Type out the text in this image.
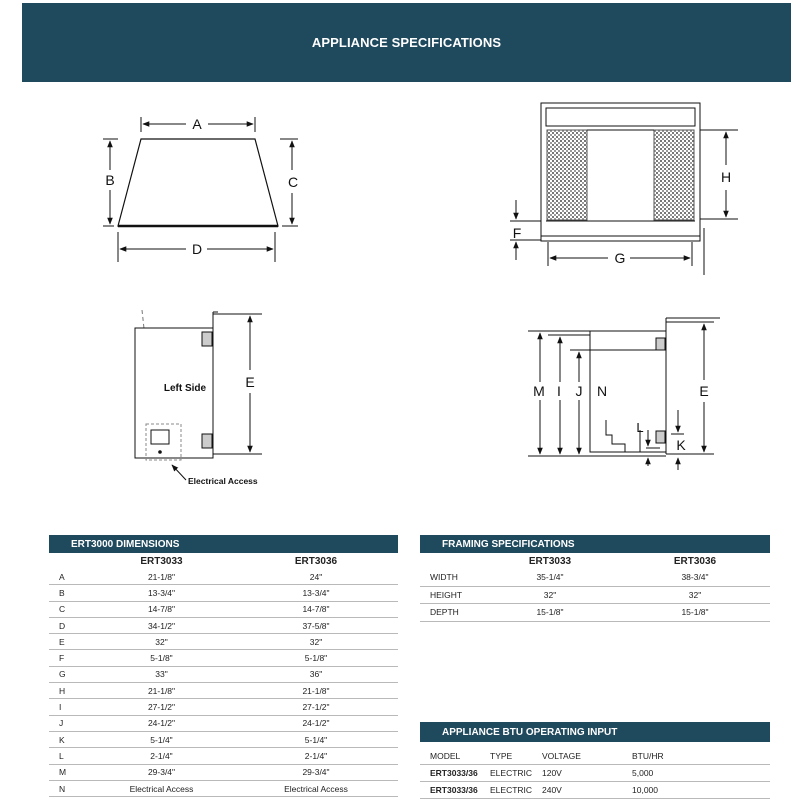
APPLIANCE SPECIFICATIONS
A
B	C
D
H
F
G
Left Side	E
Electrical Access
M I J N	E
L
K
ERT3000 DIMENSIONS
ERT3033	ERT3036
A	21-1/8"	24"
B	13-3/4"	13-3/4"
C	14-7/8"	14-7/8"
D	34-1/2"	37-5/8"
E	32"	32"
F	5-1/8"	5-1/8"
G	33"	36"
H	21-1/8"	21-1/8"
I	27-1/2"	27-1/2"
J	24-1/2"	24-1/2"
K	5-1/4"	5-1/4"
L	2-1/4"	2-1/4"
M	29-3/4"	29-3/4"
N	Electrical Access	Electrical Access
FRAMING SPECIFICATIONS
ERT3033	ERT3036
WIDTH	35-1/4"	38-3/4"
HEIGHT	32"	32"
DEPTH	15-1/8"	15-1/8"
APPLIANCE BTU OPERATING INPUT
MODEL	TYPE	VOLTAGE	BTU/HR
ERT3033/36	ELECTRIC	120V	5,000
ERT3033/36	ELECTRIC	240V	10,000
